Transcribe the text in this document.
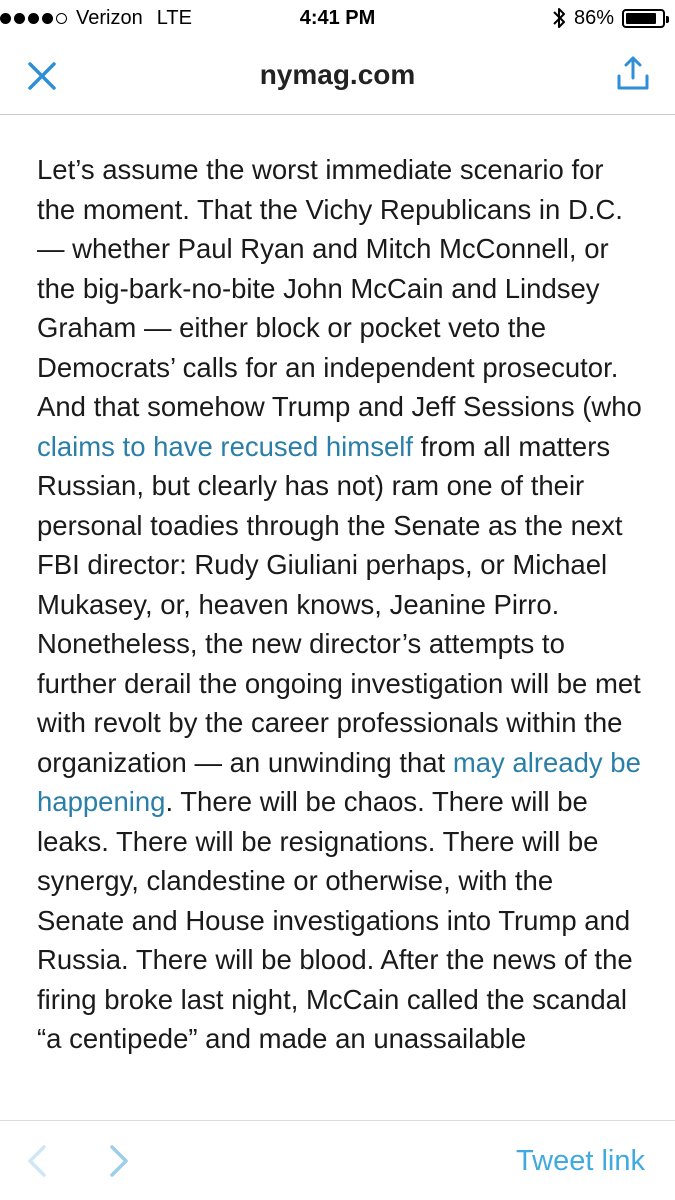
Verizon LTE	4:41 PM	86%
nymag.com

Let’s assume the worst immediate scenario for the moment. That the Vichy Republicans in D.C. — whether Paul Ryan and Mitch McConnell, or the big-bark-no-bite John McCain and Lindsey Graham — either block or pocket veto the Democrats’ calls for an independent prosecutor. And that somehow Trump and Jeff Sessions (who claims to have recused himself from all matters Russian, but clearly has not) ram one of their personal toadies through the Senate as the next FBI director: Rudy Giuliani perhaps, or Michael Mukasey, or, heaven knows, Jeanine Pirro. Nonetheless, the new director’s attempts to further derail the ongoing investigation will be met with revolt by the career professionals within the organization — an unwinding that may already be happening. There will be chaos. There will be leaks. There will be resignations. There will be synergy, clandestine or otherwise, with the Senate and House investigations into Trump and Russia. There will be blood. After the news of the firing broke last night, McCain called the scandal “a centipede” and made an unassailable

Tweet link
